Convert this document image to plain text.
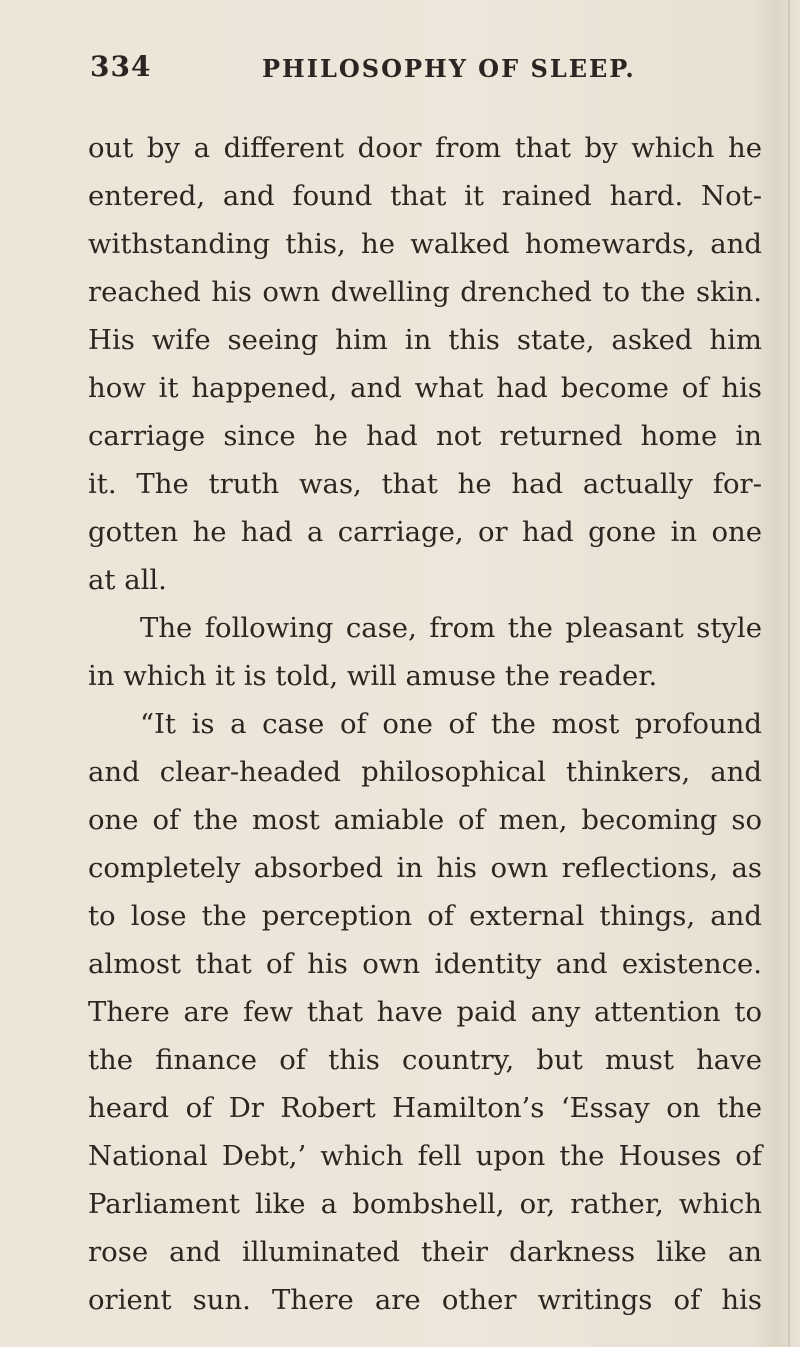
334	PHILOSOPHY OF SLEEP.
out by a different door from that by which he
entered, and found that it rained hard. Not-
withstanding this, he walked homewards, and
reached his own dwelling drenched to the skin.
His wife seeing him in this state, asked him
how it happened, and what had become of his
carriage since he had not returned home in
it. The truth was, that he had actually for-
gotten he had a carriage, or had gone in one
at all.
The following case, from the pleasant style
in which it is told, will amuse the reader.
“It is a case of one of the most profound
and clear-headed philosophical thinkers, and
one of the most amiable of men, becoming so
completely absorbed in his own reflections, as
to lose the perception of external things, and
almost that of his own identity and existence.
There are few that have paid any attention to
the finance of this country, but must have
heard of Dr Robert Hamilton’s ‘Essay on the
National Debt,’ which fell upon the Houses of
Parliament like a bombshell, or, rather, which
rose and illuminated their darkness like an
orient sun. There are other writings of his
